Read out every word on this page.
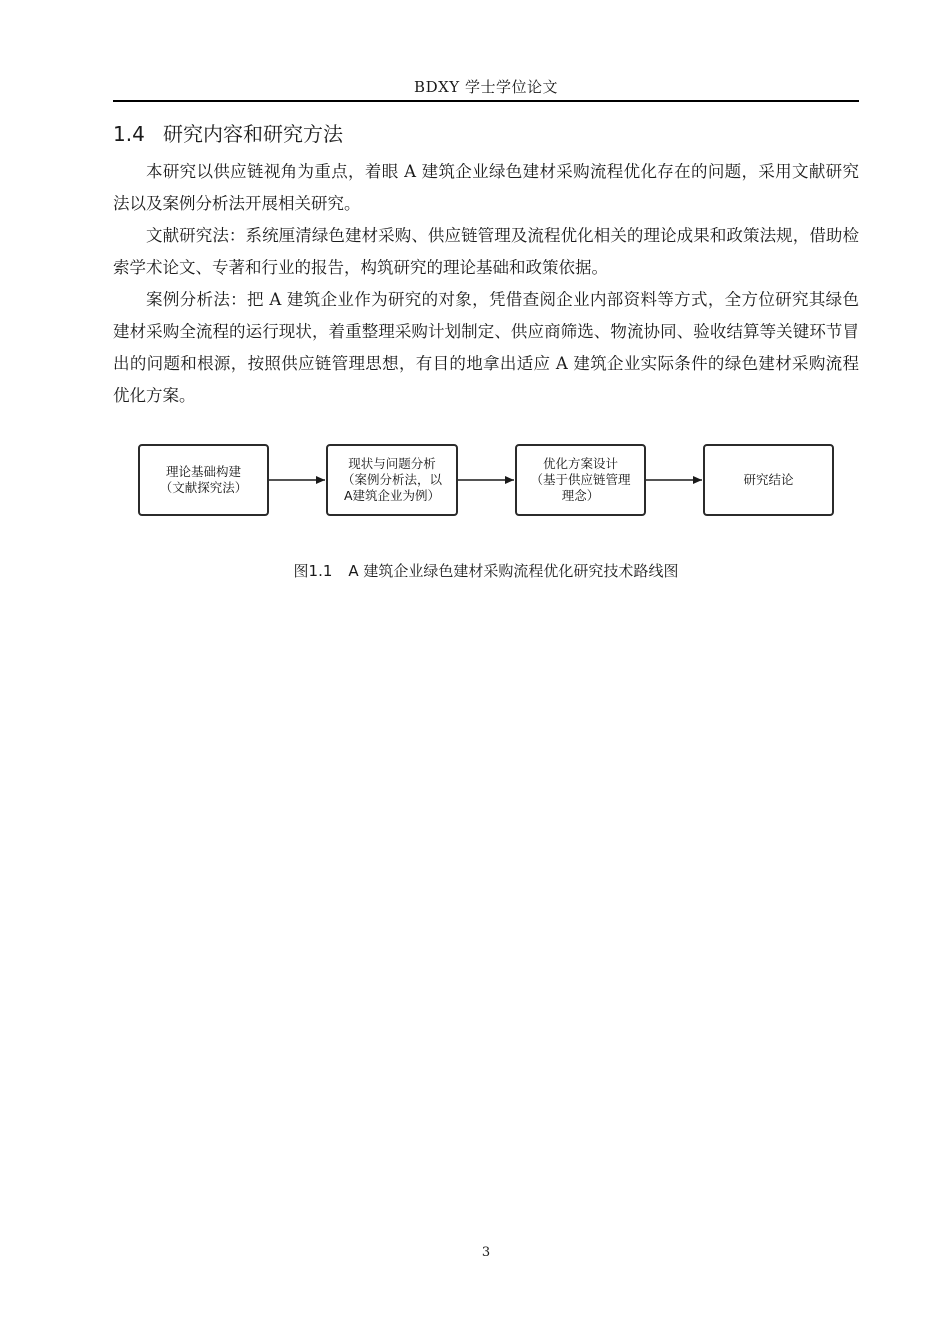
BDXY 学士学位论文
1.4 研究内容和研究方法

本研究以供应链视角为重点，着眼 A 建筑企业绿色建材采购流程优化存在的问题，采用文献研究法以及案例分析法开展相关研究。

文献研究法：系统厘清绿色建材采购、供应链管理及流程优化相关的理论成果和政策法规，借助检索学术论文、专著和行业的报告，构筑研究的理论基础和政策依据。

案例分析法：把 A 建筑企业作为研究的对象，凭借查阅企业内部资料等方式，全方位研究其绿色建材采购全流程的运行现状，着重整理采购计划制定、供应商筛选、物流协同、验收结算等关键环节冒出的问题和根源，按照供应链管理思想，有目的地拿出适应 A 建筑企业实际条件的绿色建材采购流程优化方案。

理论基础构建
（文献探究法）
现状与问题分析
（案例分析法，以
A建筑企业为例）
优化方案设计
（基于供应链管理
理念）
研究结论
图1.1 A 建筑企业绿色建材采购流程优化研究技术路线图
3
